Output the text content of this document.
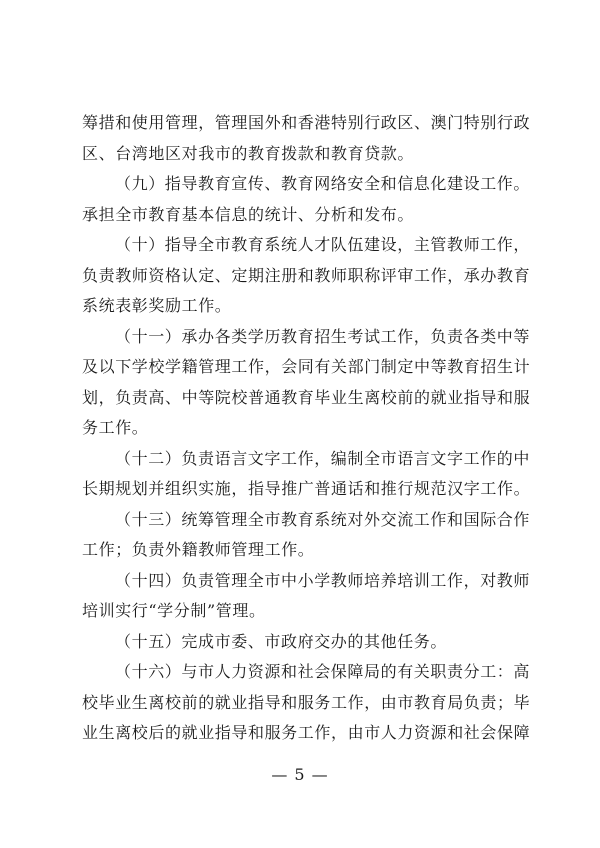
筹措和使用管理，管理国外和香港特别行政区、澳门特别行政
区、台湾地区对我市的教育拨款和教育贷款。
（九）指导教育宣传、教育网络安全和信息化建设工作。
承担全市教育基本信息的统计、分析和发布。
（十）指导全市教育系统人才队伍建设，主管教师工作，
负责教师资格认定、定期注册和教师职称评审工作，承办教育
系统表彰奖励工作。
（十一）承办各类学历教育招生考试工作，负责各类中等
及以下学校学籍管理工作，会同有关部门制定中等教育招生计
划，负责高、中等院校普通教育毕业生离校前的就业指导和服
务工作。
（十二）负责语言文字工作，编制全市语言文字工作的中
长期规划并组织实施，指导推广普通话和推行规范汉字工作。
（十三）统筹管理全市教育系统对外交流工作和国际合作
工作；负责外籍教师管理工作。
（十四）负责管理全市中小学教师培养培训工作，对教师
培训实行“学分制”管理。
（十五）完成市委、市政府交办的其他任务。
（十六）与市人力资源和社会保障局的有关职责分工：高
校毕业生离校前的就业指导和服务工作，由市教育局负责；毕
业生离校后的就业指导和服务工作，由市人力资源和社会保障
— 5 —
